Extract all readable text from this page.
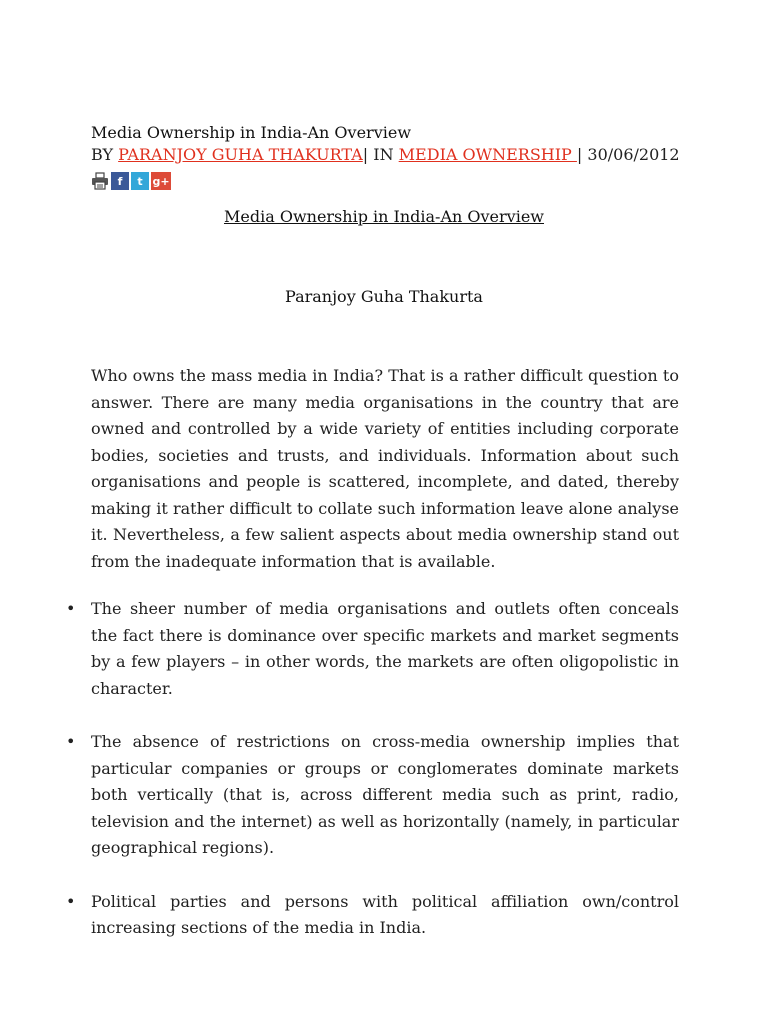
Media Ownership in India-An Overview
BY PARANJOY GUHA THAKURTA| IN MEDIA OWNERSHIP | 30/06/2012
f	t g+
Media Ownership in India-An Overview
Paranjoy Guha Thakurta
Who owns the mass media in India? That is a rather difficult question to answer. There are many media organisations in the country that are owned and controlled by a wide variety of entities including corporate bodies, societies and trusts, and individuals. Information about such organisations and people is scattered, incomplete, and dated, thereby making it rather difficult to collate such information leave alone analyse it. Nevertheless, a few salient aspects about media ownership stand out from the inadequate information that is available.
• The sheer number of media organisations and outlets often conceals the fact there is dominance over specific markets and market segments by a few players – in other words, the markets are often oligopolistic in character.
• The absence of restrictions on cross-media ownership implies that particular companies or groups or conglomerates dominate markets both vertically (that is, across different media such as print, radio, television and the internet) as well as horizontally (namely, in particular geographical regions).
• Political parties and persons with political affiliation own/control increasing sections of the media in India.
